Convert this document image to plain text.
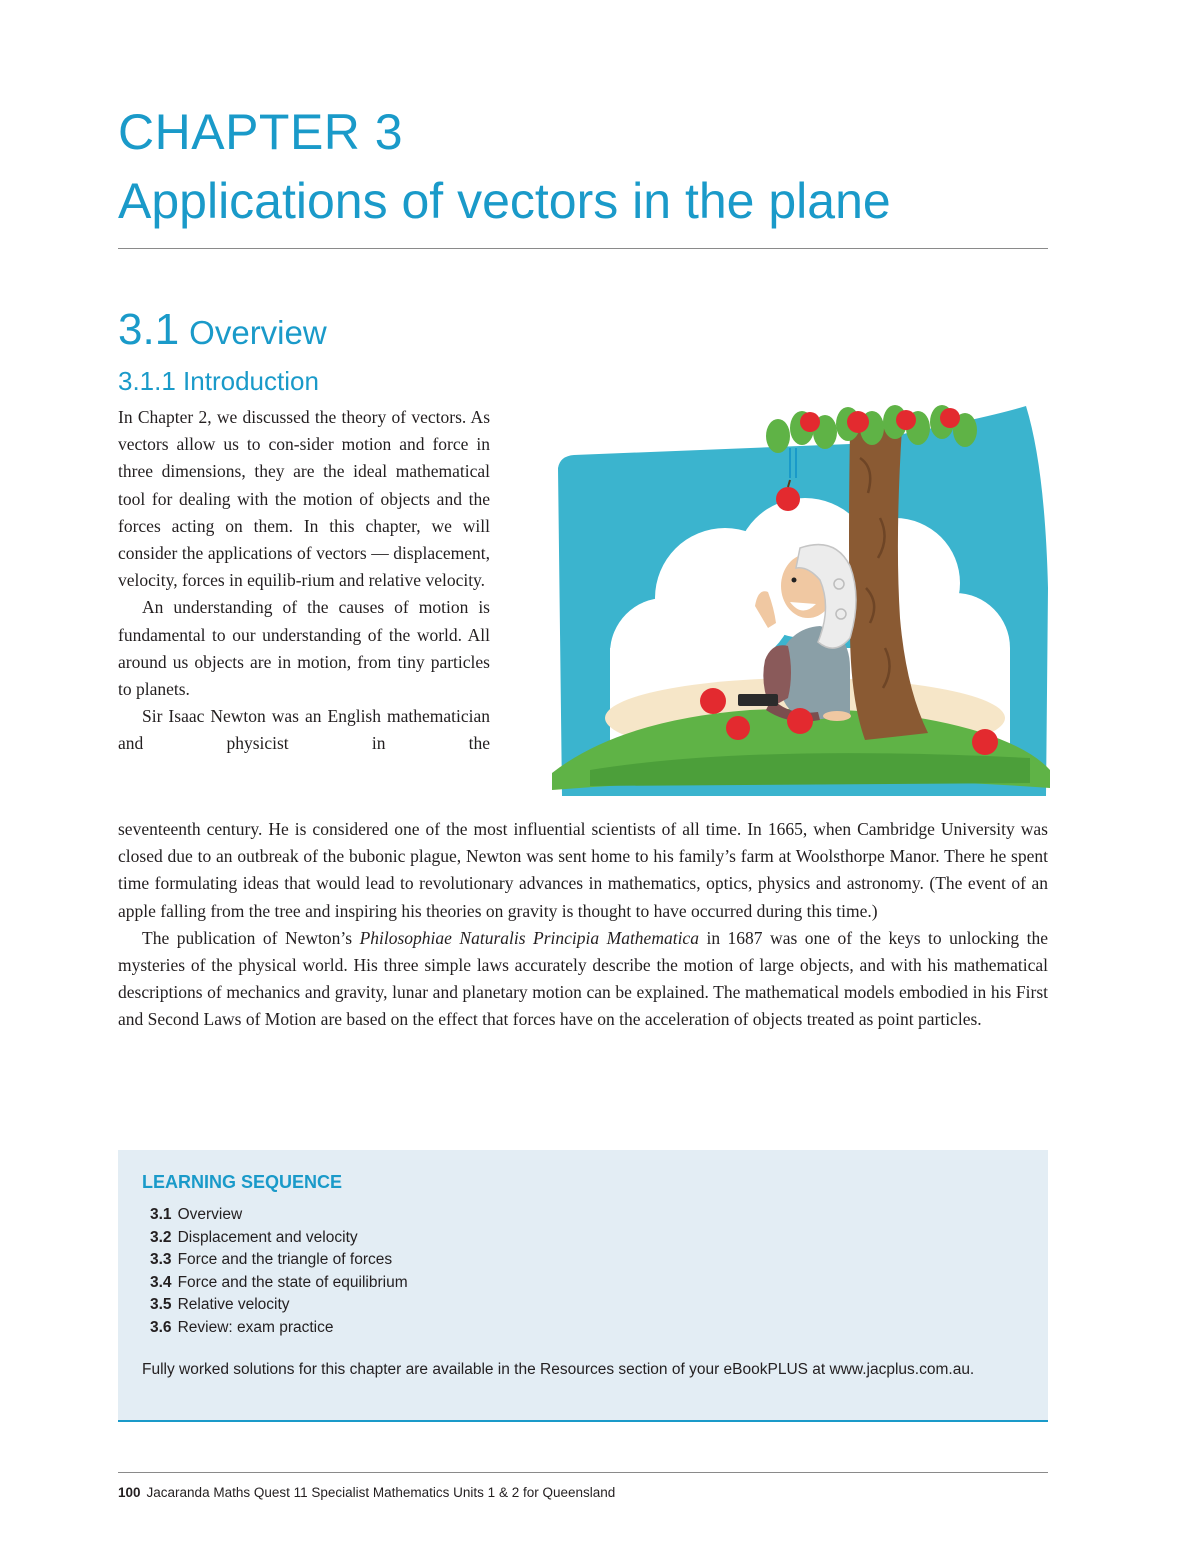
CHAPTER 3
Applications of vectors in the plane
3.1 Overview
3.1.1 Introduction

In Chapter 2, we discussed the theory of vectors. As vectors allow us to con-sider motion and force in three dimensions, they are the ideal mathematical tool for dealing with the motion of objects and the forces acting on them. In this chapter, we will consider the applications of vectors — displacement, velocity, forces in equilib-rium and relative velocity.

An understanding of the causes of motion is fundamental to our understanding of the world. All around us objects are in motion, from tiny particles to planets.

Sir Isaac Newton was an English mathematician and physicist in the

seventeenth century. He is considered one of the most influential scientists of all time. In 1665, when Cambridge University was closed due to an outbreak of the bubonic plague, Newton was sent home to his family’s farm at Woolsthorpe Manor. There he spent time formulating ideas that would lead to revolutionary advances in mathematics, optics, physics and astronomy. (The event of an apple falling from the tree and inspiring his theories on gravity is thought to have occurred during this time.)

The publication of Newton’s Philosophiae Naturalis Principia Mathematica in 1687 was one of the keys to unlocking the mysteries of the physical world. His three simple laws accurately describe the motion of large objects, and with his mathematical descriptions of mechanics and gravity, lunar and planetary motion can be explained. The mathematical models embodied in his First and Second Laws of Motion are based on the effect that forces have on the acceleration of objects treated as point particles.

LEARNING SEQUENCE
3.1 Overview
3.2 Displacement and velocity
3.3 Force and the triangle of forces
3.4 Force and the state of equilibrium
3.5 Relative velocity
3.6 Review: exam practice

Fully worked solutions for this chapter are available in the Resources section of your eBookPLUS at www.jacplus.com.au.

100 Jacaranda Maths Quest 11 Specialist Mathematics Units 1 & 2 for Queensland
